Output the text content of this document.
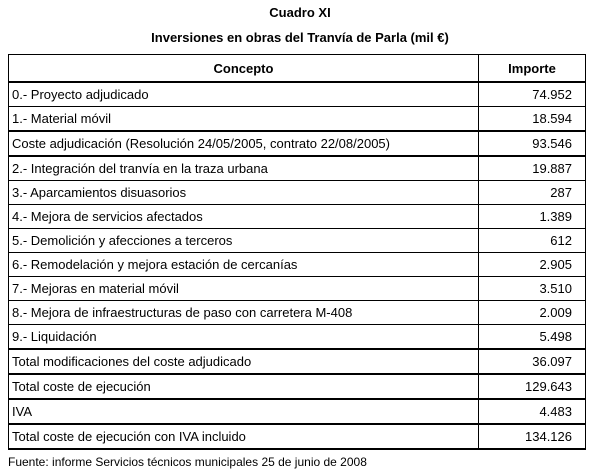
Cuadro XI
Inversiones en obras del Tranvía de Parla (mil €)
Concepto	Importe
0.- Proyecto adjudicado	74.952
1.- Material móvil	18.594
Coste adjudicación (Resolución 24/05/2005, contrato 22/08/2005)	93.546
2.- Integración del tranvía en la traza urbana	19.887
3.- Aparcamientos disuasorios	287
4.- Mejora de servicios afectados	1.389
5.- Demolición y afecciones a terceros	612
6.- Remodelación y mejora estación de cercanías	2.905
7.- Mejoras en material móvil	3.510
8.- Mejora de infraestructuras de paso con carretera M-408	2.009
9.- Liquidación	5.498
Total modificaciones del coste adjudicado	36.097
Total coste de ejecución	129.643
IVA	4.483
Total coste de ejecución con IVA incluido	134.126
Fuente: informe Servicios técnicos municipales 25 de junio de 2008
